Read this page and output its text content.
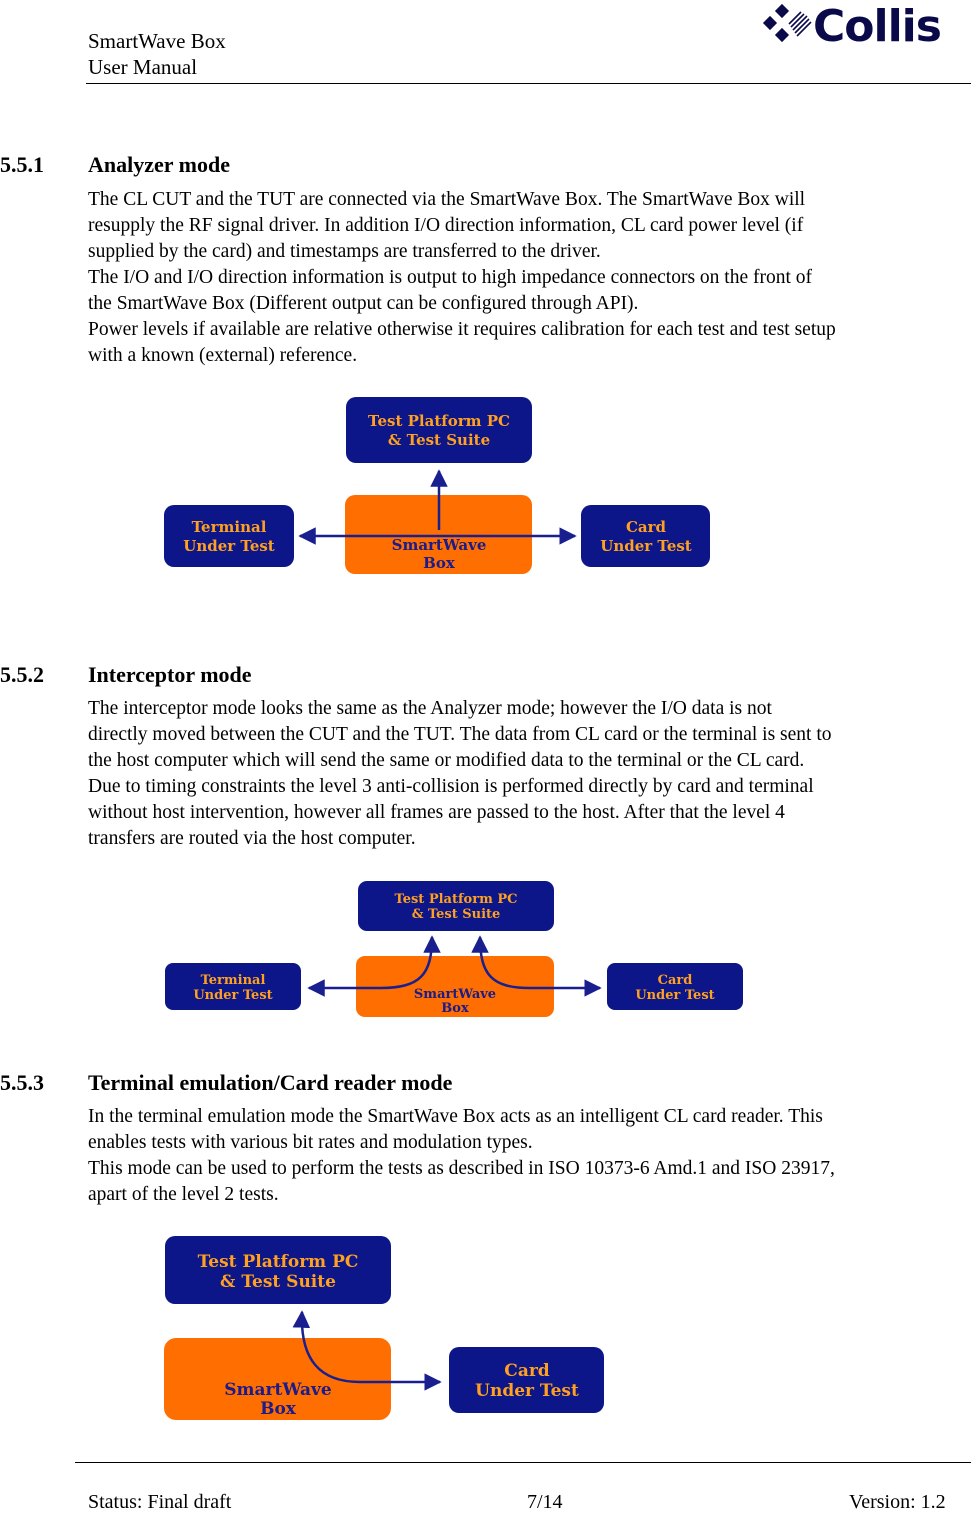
SmartWave Box
User Manual
Collis
5.5.1 Analyzer mode

The CL CUT and the TUT are connected via the SmartWave Box. The SmartWave Box will

resupply the RF signal driver. In addition I/O direction information, CL card power level (if

supplied by the card) and timestamps are transferred to the driver.

The I/O and I/O direction information is output to high impedance connectors on the front of

the SmartWave Box (Different output can be configured through API).

Power levels if available are relative otherwise it requires calibration for each test and test setup

with a known (external) reference.

Test Platform PC
& Test Suite
SmartWave
Box
Terminal
Under Test
Card
Under Test
5.5.2 Interceptor mode

The interceptor mode looks the same as the Analyzer mode; however the I/O data is not

directly moved between the CUT and the TUT. The data from CL card or the terminal is sent to

the host computer which will send the same or modified data to the terminal or the CL card.

Due to timing constraints the level 3 anti-collision is performed directly by card and terminal

without host intervention, however all frames are passed to the host. After that the level 4

transfers are routed via the host computer.

Test Platform PC
& Test Suite
SmartWave
Box
Terminal
Under Test
Card
Under Test
5.5.3 Terminal emulation/Card reader mode

In the terminal emulation mode the SmartWave Box acts as an intelligent CL card reader. This

enables tests with various bit rates and modulation types.

This mode can be used to perform the tests as described in ISO 10373-6 Amd.1 and ISO 23917,

apart of the level 2 tests.

Test Platform PC
& Test Suite
SmartWave
Box
Card
Under Test
Status: Final draft	7/14	Version: 1.2
